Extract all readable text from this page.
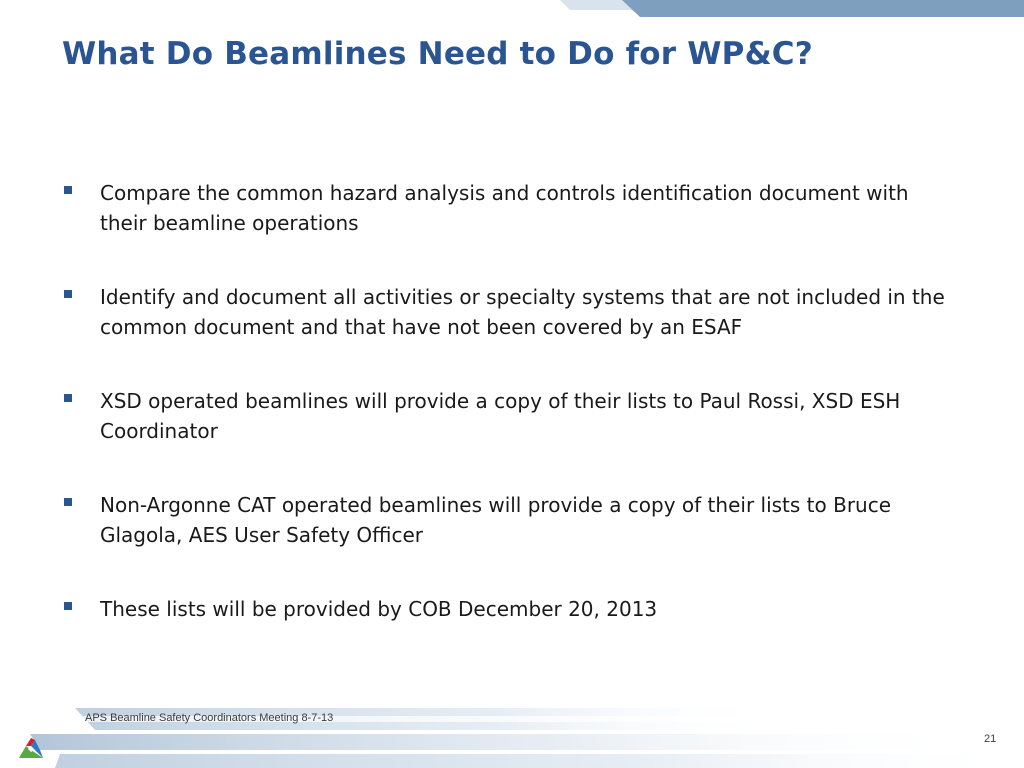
What Do Beamlines Need to Do for WP&C?
Compare the common hazard analysis and controls identification document with their beamline operations
Identify and document all activities or specialty systems that are not included in the common document and that have not been covered by an ESAF
XSD operated beamlines will provide a copy of their lists to Paul Rossi, XSD ESH Coordinator
Non-Argonne CAT operated beamlines will provide a copy of their lists to Bruce Glagola, AES User Safety Officer
These lists will be provided by COB December 20, 2013
APS Beamline Safety Coordinators Meeting 8-7-13
21
